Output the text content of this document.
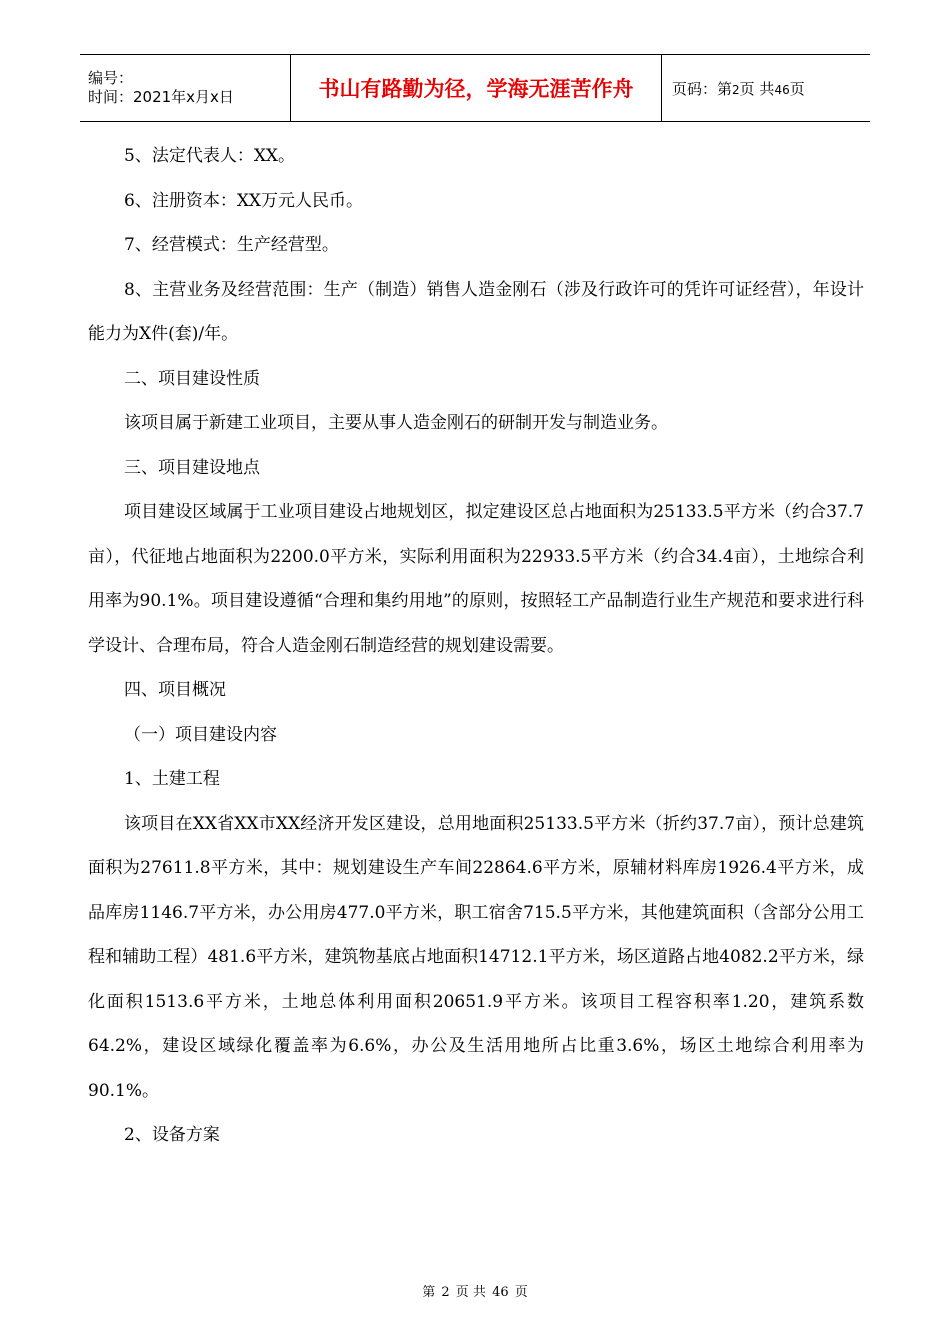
编号：
时间：2021年x月x日	书山有路勤为径，学海无涯苦作舟	页码：第2页 共46页

5、法定代表人：XX。

6、注册资本：XX万元人民币。

7、经营模式：生产经营型。

8、主营业务及经营范围：生产（制造）销售人造金刚石（涉及行政许可的凭许可证经营），年设计能力为X件(套)/年。

二、项目建设性质

该项目属于新建工业项目，主要从事人造金刚石的研制开发与制造业务。

三、项目建设地点

项目建设区域属于工业项目建设占地规划区，拟定建设区总占地面积为25133.5平方米（约合37.7亩），代征地占地面积为2200.0平方米，实际利用面积为22933.5平方米（约合34.4亩），土地综合利用率为90.1%。项目建设遵循“合理和集约用地”的原则，按照轻工产品制造行业生产规范和要求进行科学设计、合理布局，符合人造金刚石制造经营的规划建设需要。

四、项目概况

（一）项目建设内容

1、土建工程

该项目在XX省XX市XX经济开发区建设，总用地面积25133.5平方米（折约37.7亩），预计总建筑面积为27611.8平方米，其中：规划建设生产车间22864.6平方米，原辅材料库房1926.4平方米，成品库房1146.7平方米，办公用房477.0平方米，职工宿舍715.5平方米，其他建筑面积（含部分公用工程和辅助工程）481.6平方米，建筑物基底占地面积14712.1平方米，场区道路占地4082.2平方米，绿化面积1513.6平方米，土地总体利用面积20651.9平方米。该项目工程容积率1.20，建筑系数64.2%，建设区域绿化覆盖率为6.6%，办公及生活用地所占比重3.6%，场区土地综合利用率为90.1%。

2、设备方案

第 2 页 共 46 页
